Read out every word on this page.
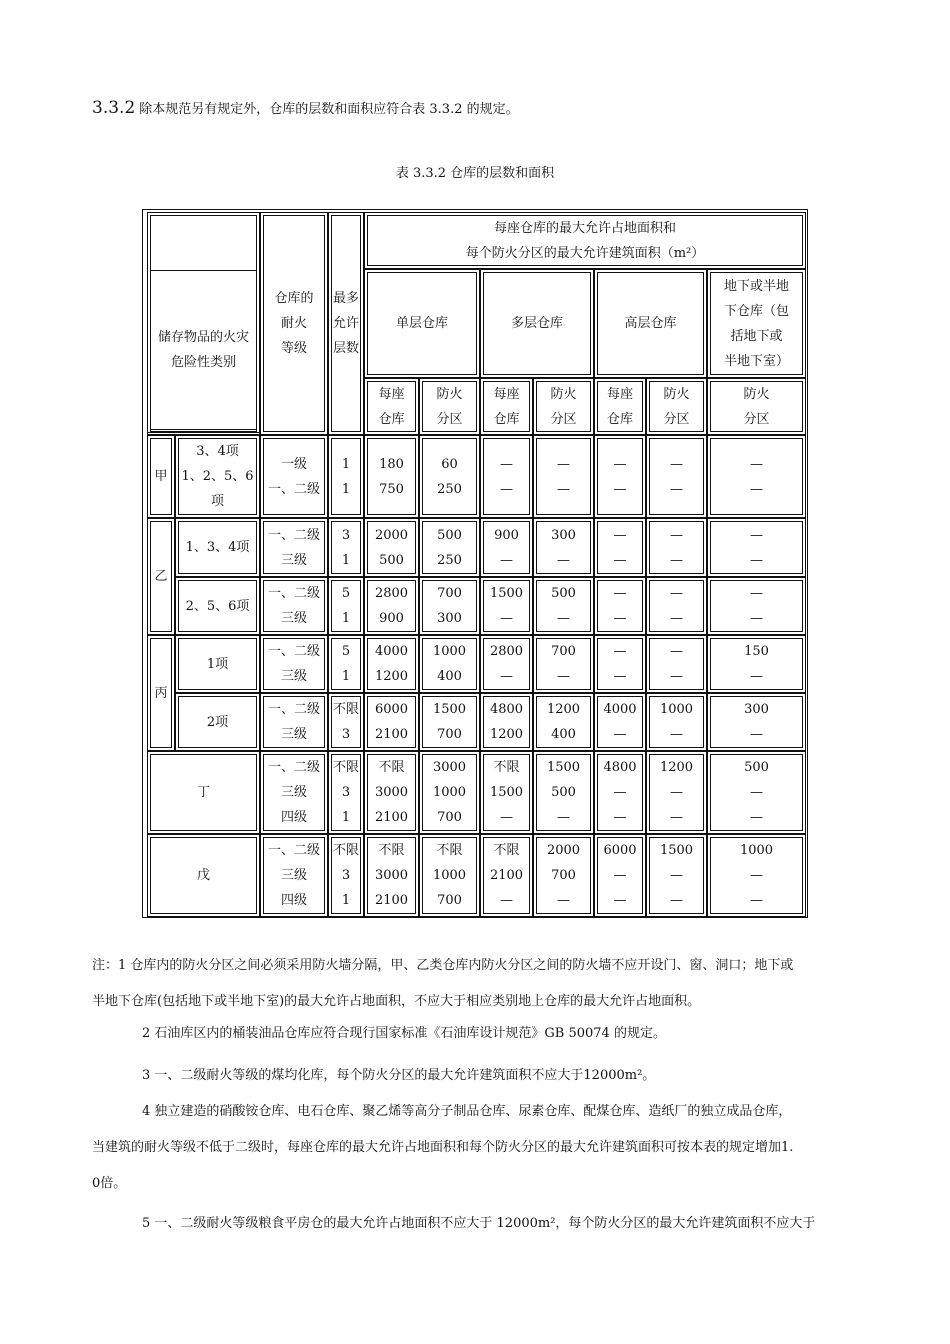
3.3.2 除本规范另有规定外，仓库的层数和面积应符合表 3.3.2 的规定。
表 3.3.2 仓库的层数和面积
储存物品的火灾
危险性类别
仓库的
耐火
等级
最多
允许
层数
每座仓库的最大允许占地面积和
每个防火分区的最大允许建筑面积（m²）
单层仓库	多层仓库	高层仓库
地下或半地
下仓库（包
括地下或
半地下室）
每座
仓库
防火
分区
每座
仓库
防火
分区
每座
仓库
防火
分区
防火
分区
甲
乙
丙
丁
戊
3、4项
1、2、5、6项
1、3、4项
2、5、6项
1项
2项
一级
一、二级
1
1
180
750
60
250
—
—
—
—
—
—
—
—
—
—
一、二级
三级
3
1
2000
500
500
250
900
—
300
—
—
—
—
—
—
—
一、二级
三级
5
1
2800
900
700
300
1500
—
500
—
—
—
—
—
—
—
一、二级
三级
5
1
4000
1200
1000
400
2800
—
700
—
—
—
—
—
150
—
一、二级
三级
不限
3
6000
2100
1500
700
4800
1200
1200
400
4000
—
1000
—
300
—
一、二级
三级
四级
不限
3
1
不限
3000
2100
3000
1000
700
不限
1500
—
1500
500
—
4800
—
—
1200
—
—
500
—
—
一、二级
三级
四级
不限
3
1
不限
3000
2100
不限
1000
700
不限
2100
—
2000
700
—
6000
—
—
1500
—
—
1000
—
—
注：1 仓库内的防火分区之间必须采用防火墙分隔，甲、乙类仓库内防火分区之间的防火墙不应开设门、窗、洞口；地下或
半地下仓库(包括地下或半地下室)的最大允许占地面积，不应大于相应类别地上仓库的最大允许占地面积。
2 石油库区内的桶装油品仓库应符合现行国家标准《石油库设计规范》GB 50074 的规定。
3 一、二级耐火等级的煤均化库，每个防火分区的最大允许建筑面积不应大于12000m²。
4 独立建造的硝酸铵仓库、电石仓库、聚乙烯等高分子制品仓库、尿素仓库、配煤仓库、造纸厂的独立成品仓库，
当建筑的耐火等级不低于二级时，每座仓库的最大允许占地面积和每个防火分区的最大允许建筑面积可按本表的规定增加1.
0倍。
5 一、二级耐火等级粮食平房仓的最大允许占地面积不应大于 12000m²，每个防火分区的最大允许建筑面积不应大于
